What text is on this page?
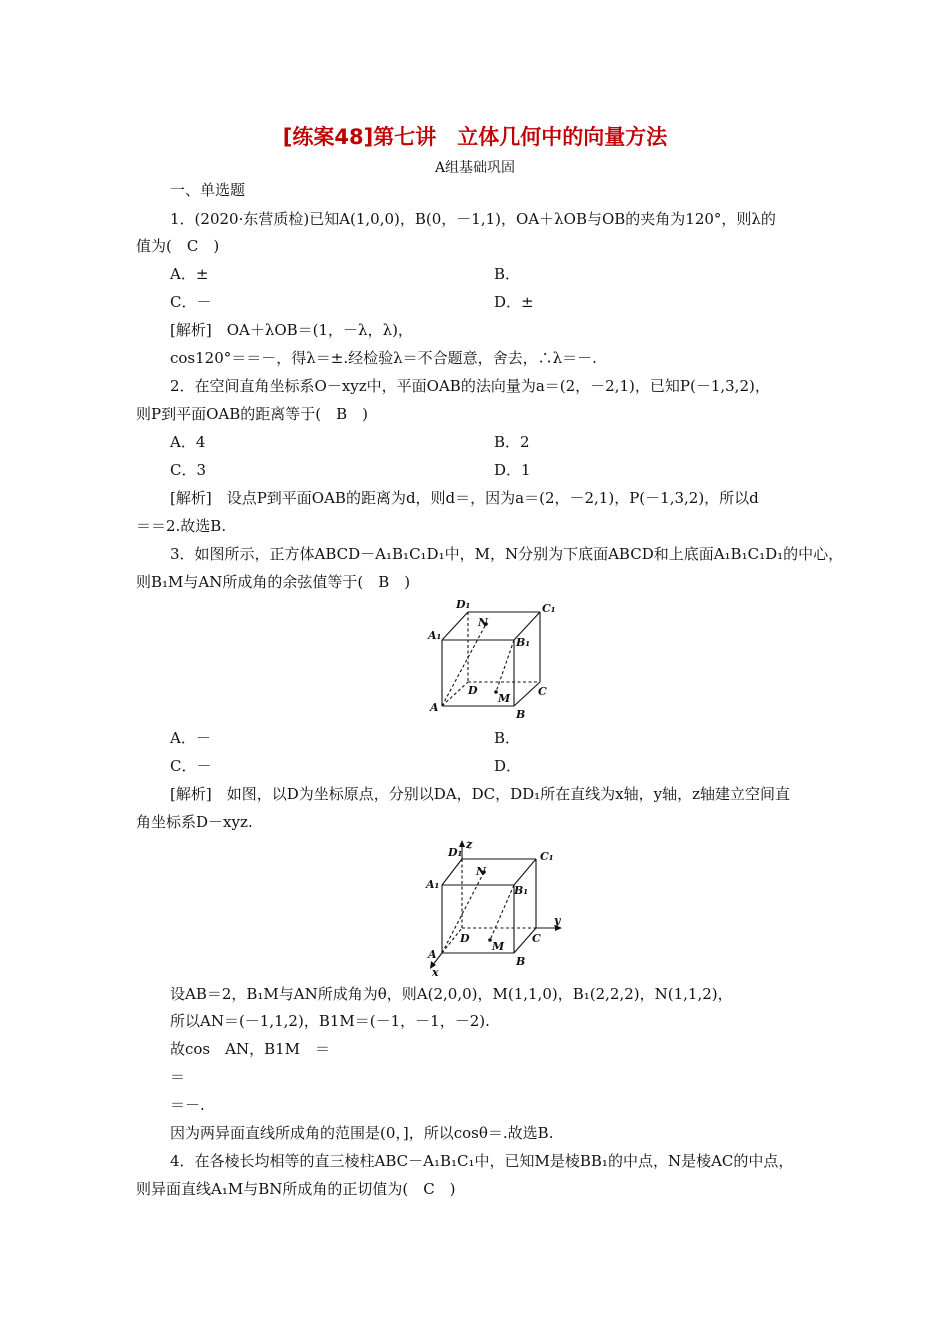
[练案48]第七讲　立体几何中的向量方法
A组基础巩固
一、单选题
1．(2020·东营质检)已知A(1,0,0)，B(0，－1,1)，OA＋λOB与OB的夹角为120°，则λ的
值为(　C　)
A．±	B．
C．－	D．±
[解析]　OA＋λOB＝(1，－λ，λ)，
cos120°＝＝－，得λ＝±.经检验λ＝不合题意，舍去，∴λ＝－.
2．在空间直角坐标系O－xyz中，平面OAB的法向量为a＝(2，－2,1)，已知P(－1,3,2)，
则P到平面OAB的距离等于(　B　)
A．4	B．2
C．3	D．1
[解析]　设点P到平面OAB的距离为d，则d＝，因为a＝(2，－2,1)，P(－1,3,2)，所以d
＝＝2.故选B.
3．如图所示，正方体ABCD－A₁B₁C₁D₁中，M，N分别为下底面ABCD和上底面A₁B₁C₁D₁的中心，
则B₁M与AN所成角的余弦值等于(　B　)
D₁	C₁
A₁
B₁
N
D
M
C
A
B
A．－	B．
C．－	D．
[解析]　如图，以D为坐标原点，分别以DA，DC，DD₁所在直线为x轴，y轴，z轴建立空间直
角坐标系D－xyz.
z
D₁	C₁
A₁	B₁
N
D
M
C
y
A
B
x
设AB＝2，B₁M与AN所成角为θ，则A(2,0,0)，M(1,1,0)，B₁(2,2,2)，N(1,1,2)，
所以AN＝(－1,1,2)，B1M＝(－1，－1，－2).
故cos　AN，B1M　＝
＝
＝－.
因为两异面直线所成角的范围是(0，]，所以cosθ＝.故选B.
4．在各棱长均相等的直三棱柱ABC－A₁B₁C₁中，已知M是棱BB₁的中点，N是棱AC的中点，
则异面直线A₁M与BN所成角的正切值为(　C　)
